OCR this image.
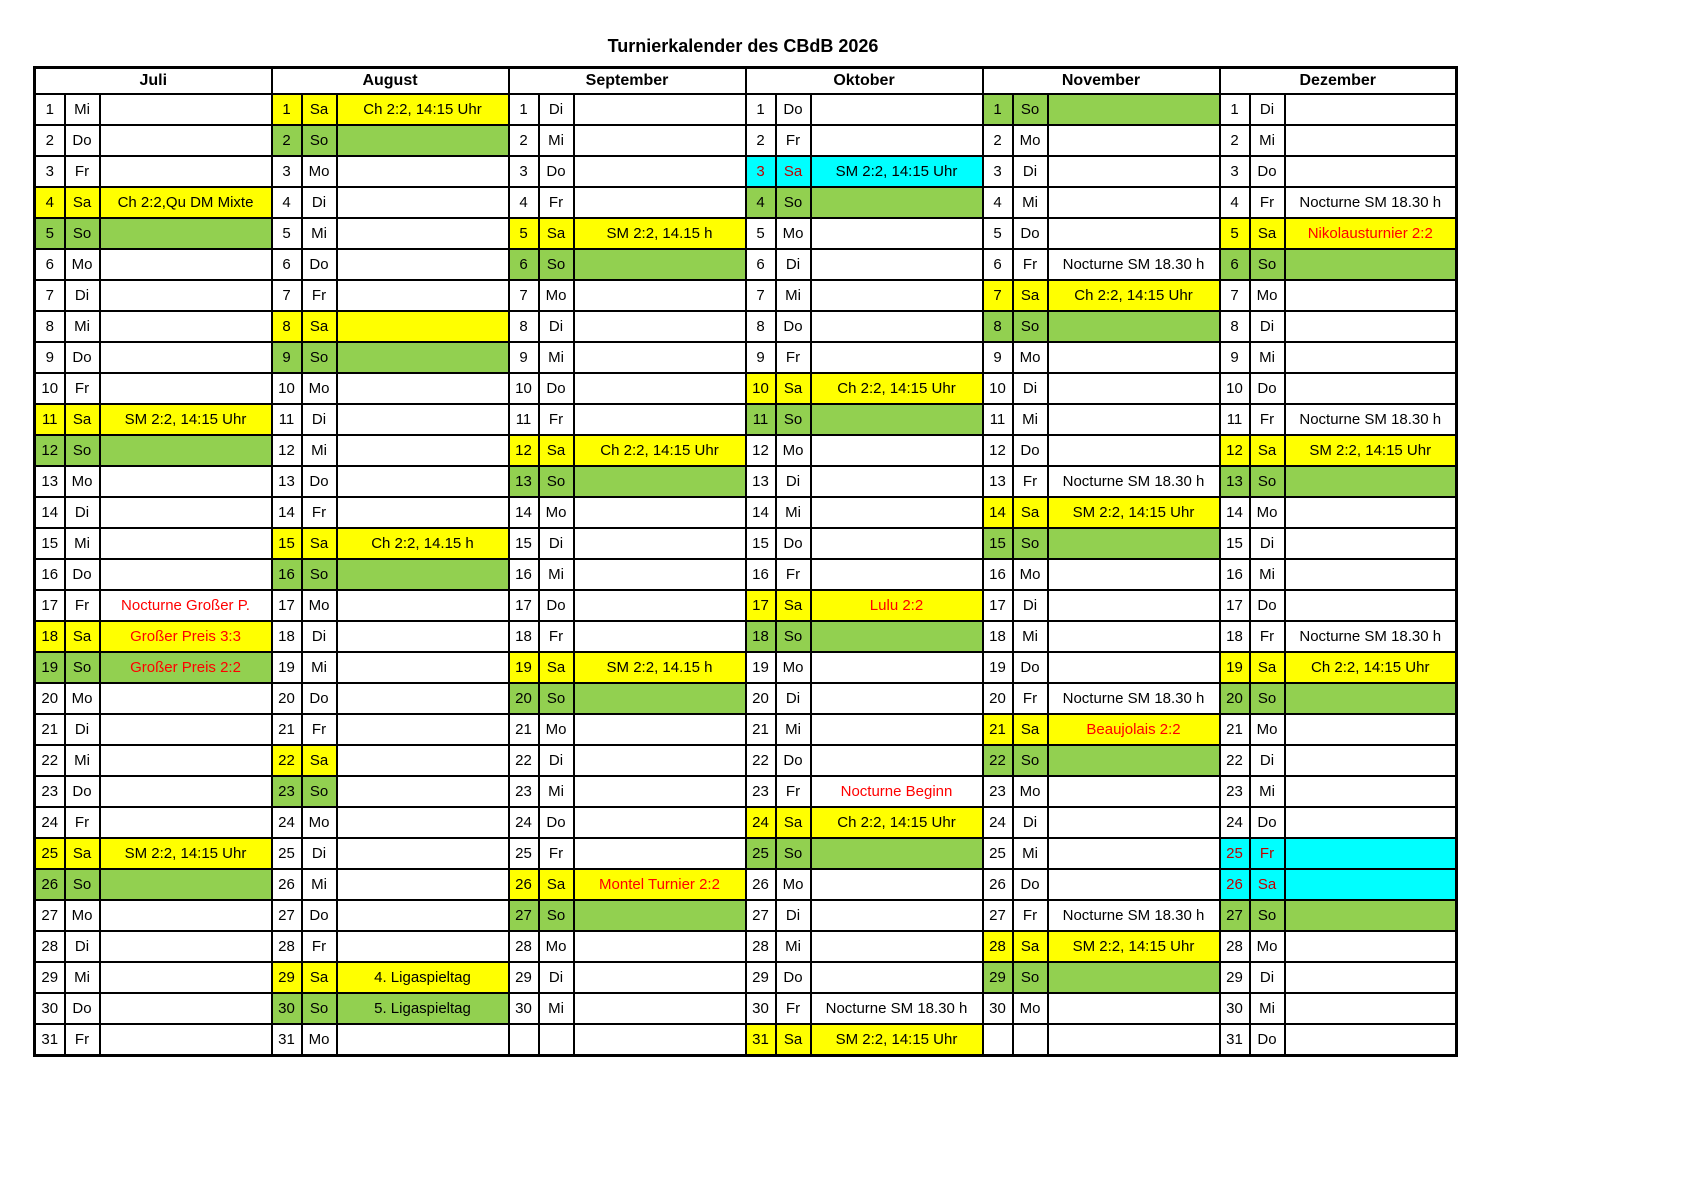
Turnierkalender des CBdB 2026
Juli			August			September			Oktober			November			Dezember		
1	Mi		1	Sa	Ch 2:2, 14:15 Uhr	1	Di		1	Do		1	So		1	Di	
2	Do		2	So		2	Mi		2	Fr		2	Mo		2	Mi	
3	Fr		3	Mo		3	Do		3	Sa	SM 2:2, 14:15 Uhr	3	Di		3	Do	
4	Sa	Ch 2:2,Qu DM Mixte	4	Di		4	Fr		4	So		4	Mi		4	Fr	Nocturne SM 18.30 h
5	So		5	Mi		5	Sa	SM 2:2, 14.15 h	5	Mo		5	Do		5	Sa	Nikolausturnier 2:2
6	Mo		6	Do		6	So		6	Di		6	Fr	Nocturne SM 18.30 h	6	So	
7	Di		7	Fr		7	Mo		7	Mi		7	Sa	Ch 2:2, 14:15 Uhr	7	Mo	
8	Mi		8	Sa		8	Di		8	Do		8	So		8	Di	
9	Do		9	So		9	Mi		9	Fr		9	Mo		9	Mi	
10	Fr		10	Mo		10	Do		10	Sa	Ch 2:2, 14:15 Uhr	10	Di		10	Do	
11	Sa	SM 2:2, 14:15 Uhr	11	Di		11	Fr		11	So		11	Mi		11	Fr	Nocturne SM 18.30 h
12	So		12	Mi		12	Sa	Ch 2:2, 14:15 Uhr	12	Mo		12	Do		12	Sa	SM 2:2, 14:15 Uhr
13	Mo		13	Do		13	So		13	Di		13	Fr	Nocturne SM 18.30 h	13	So	
14	Di		14	Fr		14	Mo		14	Mi		14	Sa	SM 2:2, 14:15 Uhr	14	Mo	
15	Mi		15	Sa	Ch 2:2, 14.15 h	15	Di		15	Do		15	So		15	Di	
16	Do		16	So		16	Mi		16	Fr		16	Mo		16	Mi	
17	Fr	Nocturne Großer P.	17	Mo		17	Do		17	Sa	Lulu 2:2	17	Di		17	Do	
18	Sa	Großer Preis 3:3	18	Di		18	Fr		18	So		18	Mi		18	Fr	Nocturne SM 18.30 h
19	So	Großer Preis 2:2	19	Mi		19	Sa	SM 2:2, 14.15 h	19	Mo		19	Do		19	Sa	Ch 2:2, 14:15 Uhr
20	Mo		20	Do		20	So		20	Di		20	Fr	Nocturne SM 18.30 h	20	So	
21	Di		21	Fr		21	Mo		21	Mi		21	Sa	Beaujolais 2:2	21	Mo	
22	Mi		22	Sa		22	Di		22	Do		22	So		22	Di	
23	Do		23	So		23	Mi		23	Fr	Nocturne Beginn	23	Mo		23	Mi	
24	Fr		24	Mo		24	Do		24	Sa	Ch 2:2, 14:15 Uhr	24	Di		24	Do	
25	Sa	SM 2:2, 14:15 Uhr	25	Di		25	Fr		25	So		25	Mi		25	Fr	
26	So		26	Mi		26	Sa	Montel Turnier 2:2	26	Mo		26	Do		26	Sa	
27	Mo		27	Do		27	So		27	Di		27	Fr	Nocturne SM 18.30 h	27	So	
28	Di		28	Fr		28	Mo		28	Mi		28	Sa	SM 2:2, 14:15 Uhr	28	Mo	
29	Mi		29	Sa	4. Ligaspieltag	29	Di		29	Do		29	So		29	Di	
30	Do		30	So	5. Ligaspieltag	30	Mi		30	Fr	Nocturne SM 18.30 h	30	Mo		30	Mi	
31	Fr		31	Mo					31	Sa	SM 2:2, 14:15 Uhr				31	Do	
